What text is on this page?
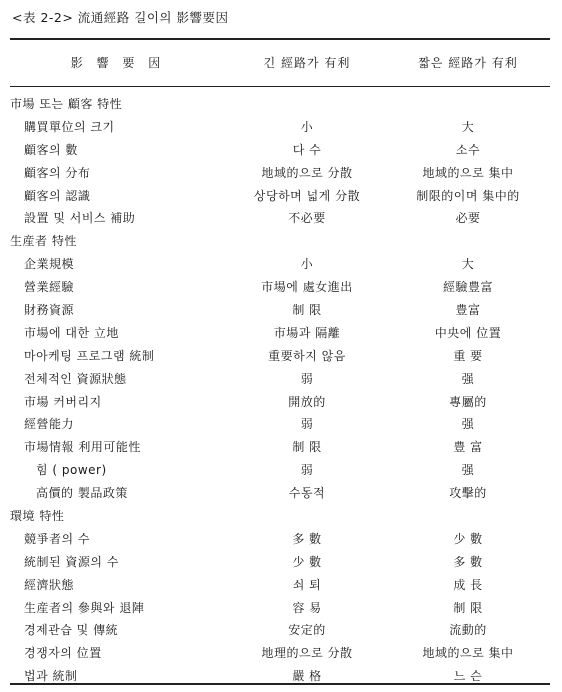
<表 2-2> 流通經路 길이의 影響要因
影 響 要 因	긴 經路가 有利	짧은 經路가 有利
市場 또는 顧客 特性
購買單位의 크기	小	大
顧客의 數	다 수	소수
顧客의 分布	地域的으로 分散	地域的으로 集中
顧客의 認識	상당하며 넓게 分散	制限的이며 集中的
設置 및 서비스 補助	不必要	必要
生産者 特性
企業規模	小	大
營業經驗	市場에 處女進出	經驗豊富
財務資源	制 限	豊富
市場에 대한 立地	市場과 隔離	中央에 位置
마아케팅 프로그램 統制	重要하지 않음	重 要
전체적인 資源狀態	弱	强
市場 커버리지	開放的	專屬的
經營能力	弱	强
市場情報 利用可能性	制 限	豊 富
힘 ( power)	弱	强
高價的 製品政策	수동적	攻擊的
環境 特性
競爭者의 수	多 數	少 數
統制된 資源의 수	少 數	多 數
經濟狀態	쇠 퇴	成 長
生産者의 參與와 退陣	容 易	制 限
경제관습 및 傳統	安定的	流動的
경쟁자의 位置	地理的으로 分散	地域的으로 集中
법과 統制	嚴 格	느 슨
